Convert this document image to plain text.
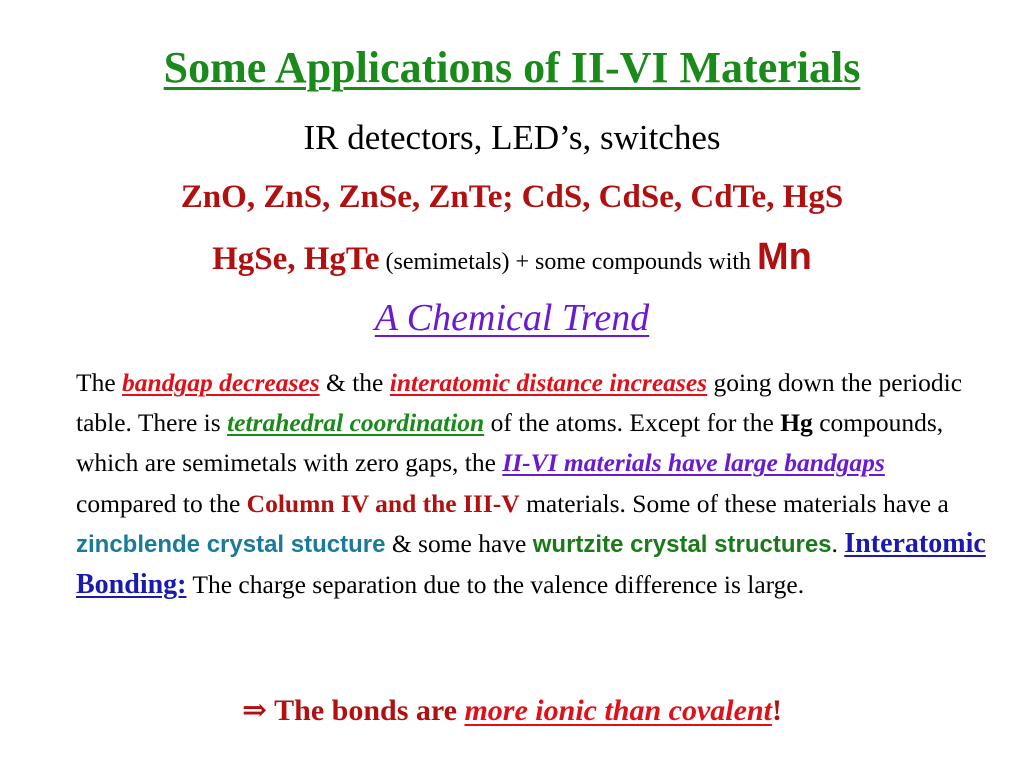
Some Applications of II-VI Materials
IR detectors, LED’s, switches
ZnO, ZnS, ZnSe, ZnTe; CdS, CdSe, CdTe, HgS
HgSe, HgTe (semimetals) + some compounds with Mn
A Chemical Trend
The bandgap decreases & the interatomic distance increases going down the periodic table. There is tetrahedral coordination of the atoms. Except for the Hg compounds, which are semimetals with zero gaps, the II-VI materials have large bandgaps compared to the Column IV and the III-V materials. Some of these materials have a zincblende crystal stucture & some have wurtzite crystal structures. Interatomic Bonding: The charge separation due to the valence difference is large.
⇒ The bonds are more ionic than covalent!
